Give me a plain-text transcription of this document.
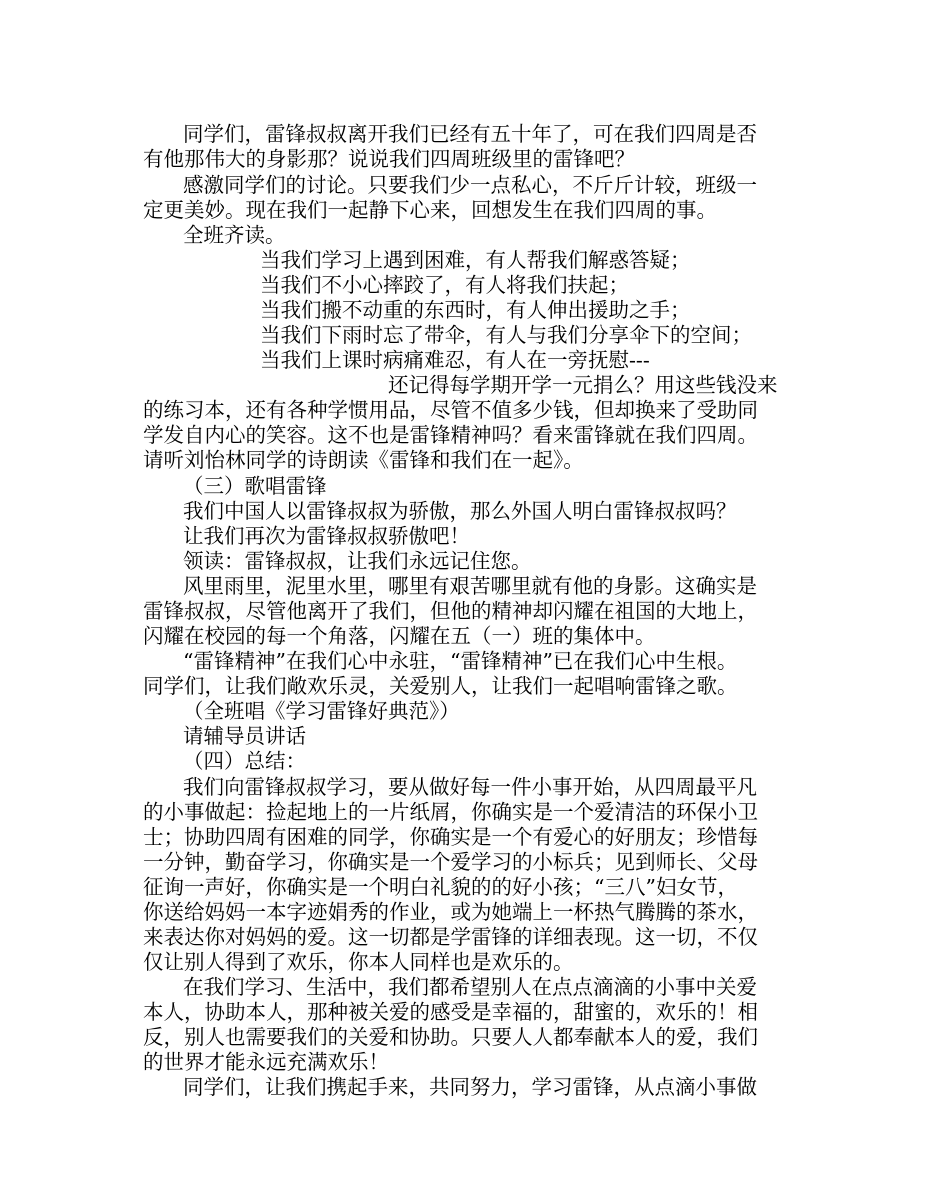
同学们，雷锋叔叔离开我们已经有五十年了，可在我们四周是否
有他那伟大的身影那？说说我们四周班级里的雷锋吧？
感激同学们的讨论。只要我们少一点私心，不斤斤计较，班级一
定更美妙。现在我们一起静下心来，回想发生在我们四周的事。
全班齐读。
当我们学习上遇到困难，有人帮我们解惑答疑；
当我们不小心摔跤了，有人将我们扶起；
当我们搬不动重的东西时，有人伸出援助之手；
当我们下雨时忘了带伞，有人与我们分享伞下的空间；
当我们上课时病痛难忍，有人在一旁抚慰---
还记得每学期开学一元捐么？用这些钱没来
的练习本，还有各种学惯用品，尽管不值多少钱，但却换来了受助同
学发自内心的笑容。这不也是雷锋精神吗？看来雷锋就在我们四周。
请听刘怡林同学的诗朗读《雷锋和我们在一起》。
（三）歌唱雷锋
我们中国人以雷锋叔叔为骄傲，那么外国人明白雷锋叔叔吗？
让我们再次为雷锋叔叔骄傲吧！
领读：雷锋叔叔，让我们永远记住您。
风里雨里，泥里水里，哪里有艰苦哪里就有他的身影。这确实是
雷锋叔叔，尽管他离开了我们，但他的精神却闪耀在祖国的大地上，
闪耀在校园的每一个角落，闪耀在五（一）班的集体中。
“雷锋精神”在我们心中永驻，“雷锋精神”已在我们心中生根。
同学们，让我们敞欢乐灵，关爱别人，让我们一起唱响雷锋之歌。
（全班唱《学习雷锋好典范》）
请辅导员讲话
（四）总结：
我们向雷锋叔叔学习，要从做好每一件小事开始，从四周最平凡
的小事做起：捡起地上的一片纸屑，你确实是一个爱清洁的环保小卫
士；协助四周有困难的同学，你确实是一个有爱心的好朋友；珍惜每
一分钟，勤奋学习，你确实是一个爱学习的小标兵；见到师长、父母
征询一声好，你确实是一个明白礼貌的的好小孩；“三八”妇女节，
你送给妈妈一本字迹娟秀的作业，或为她端上一杯热气腾腾的茶水，
来表达你对妈妈的爱。这一切都是学雷锋的详细表现。这一切，不仅
仅让别人得到了欢乐，你本人同样也是欢乐的。
在我们学习、生活中，我们都希望别人在点点滴滴的小事中关爱
本人，协助本人，那种被关爱的感受是幸福的，甜蜜的，欢乐的！相
反，别人也需要我们的关爱和协助。只要人人都奉献本人的爱，我们
的世界才能永远充满欢乐！
同学们，让我们携起手来，共同努力，学习雷锋，从点滴小事做
